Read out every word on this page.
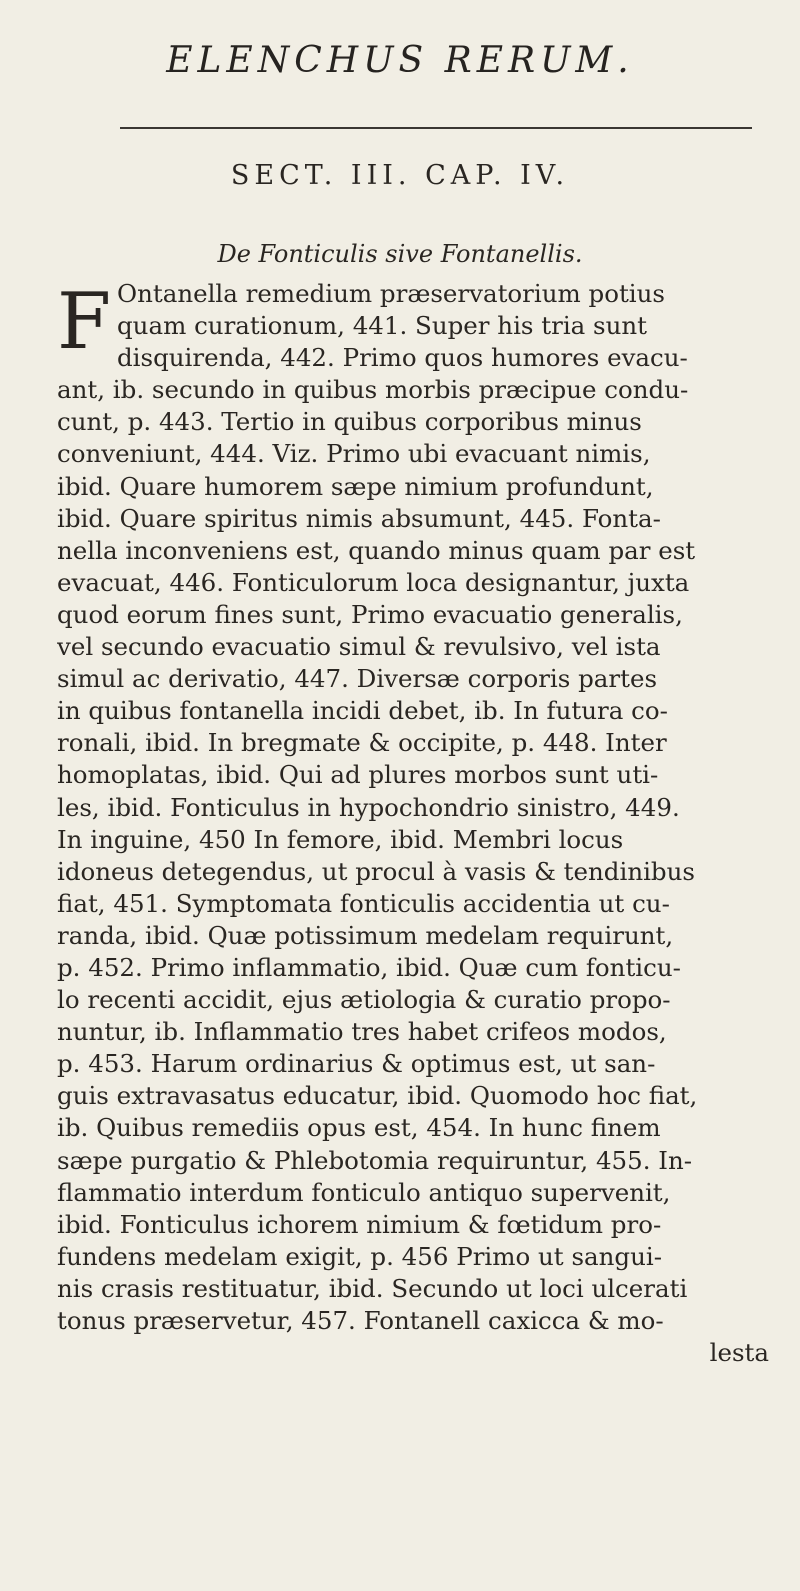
ELENCHUS RERUM.
SECT. III. CAP. IV.
De Fonticulis sive Fontanellis.
F Ontanella remedium præservatorium potius
quam curationum, 441. Super his tria sunt
disquirenda, 442. Primo quos humores evacu-
ant, ib. secundo in quibus morbis præcipue condu-
cunt, p. 443. Tertio in quibus corporibus minus
conveniunt, 444. Viz. Primo ubi evacuant nimis,
ibid. Quare humorem sæpe nimium profundunt,
ibid. Quare spiritus nimis absumunt, 445. Fonta-
nella inconveniens est, quando minus quam par est
evacuat, 446. Fonticulorum loca designantur, juxta
quod eorum fines sunt, Primo evacuatio generalis,
vel secundo evacuatio simul & revulsivo, vel ista
simul ac derivatio, 447. Diversæ corporis partes
in quibus fontanella incidi debet, ib. In futura co-
ronali, ibid. In bregmate & occipite, p. 448. Inter
homoplatas, ibid. Qui ad plures morbos sunt uti-
les, ibid. Fonticulus in hypochondrio sinistro, 449.
In inguine, 450 In femore, ibid. Membri locus
idoneus detegendus, ut procul à vasis & tendinibus
fiat, 451. Symptomata fonticulis accidentia ut cu-
randa, ibid. Quæ potissimum medelam requirunt,
p. 452. Primo inflammatio, ibid. Quæ cum fonticu-
lo recenti accidit, ejus ætiologia & curatio propo-
nuntur, ib. Inflammatio tres habet crifeos modos,
p. 453. Harum ordinarius & optimus est, ut san-
guis extravasatus educatur, ibid. Quomodo hoc fiat,
ib. Quibus remediis opus est, 454. In hunc finem
sæpe purgatio & Phlebotomia requiruntur, 455. In-
flammatio interdum fonticulo antiquo supervenit,
ibid. Fonticulus ichorem nimium & fœtidum pro-
fundens medelam exigit, p. 456 Primo ut sangui-
nis crasis restituatur, ibid. Secundo ut loci ulcerati
tonus præservetur, 457. Fontanell caxicca & mo-
lesta
